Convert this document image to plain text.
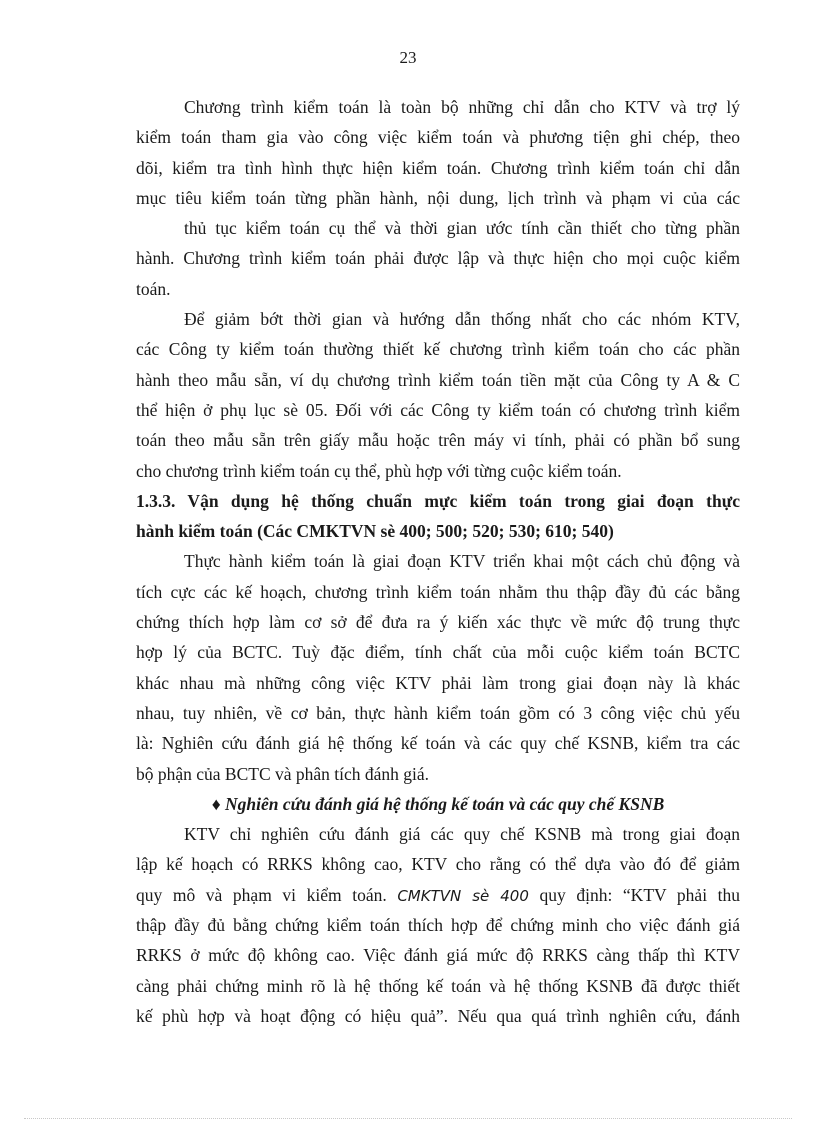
23
Chương trình kiểm toán là toàn bộ những chỉ dẫn cho KTV và trợ lý
kiểm toán tham gia vào công việc kiểm toán và phương tiện ghi chép, theo
dõi, kiểm tra tình hình thực hiện kiểm toán. Chương trình kiểm toán chỉ dẫn
mục tiêu kiểm toán từng phần hành, nội dung, lịch trình và phạm vi của các
thủ tục kiểm toán cụ thể và thời gian ước tính cần thiết cho từng phần
hành. Chương trình kiểm toán phải được lập và thực hiện cho mọi cuộc kiểm
toán.
Để giảm bớt thời gian và hướng dẫn thống nhất cho các nhóm KTV,
các Công ty kiểm toán thường thiết kế chương trình kiểm toán cho các phần
hành theo mẫu sẵn, ví dụ chương trình kiểm toán tiền mặt của Công ty A & C
thể hiện ở phụ lục sè 05. Đối với các Công ty kiểm toán có chương trình kiểm
toán theo mẫu sẵn trên giấy mẫu hoặc trên máy vi tính, phải có phần bổ sung
cho chương trình kiểm toán cụ thể, phù hợp với từng cuộc kiểm toán.
1.3.3. Vận dụng hệ thống chuẩn mực kiểm toán trong giai đoạn thực
hành kiểm toán (Các CMKTVN sè 400; 500; 520; 530; 610; 540)
Thực hành kiểm toán là giai đoạn KTV triển khai một cách chủ động và
tích cực các kế hoạch, chương trình kiểm toán nhằm thu thập đầy đủ các bằng
chứng thích hợp làm cơ sở để đưa ra ý kiến xác thực về mức độ trung thực
hợp lý của BCTC. Tuỳ đặc điểm, tính chất của mỗi cuộc kiểm toán BCTC
khác nhau mà những công việc KTV phải làm trong giai đoạn này là khác
nhau, tuy nhiên, về cơ bản, thực hành kiểm toán gồm có 3 công việc chủ yếu
là: Nghiên cứu đánh giá hệ thống kế toán và các quy chế KSNB, kiểm tra các
bộ phận của BCTC và phân tích đánh giá.
♦ Nghiên cứu đánh giá hệ thống kế toán và các quy chế KSNB
KTV chỉ nghiên cứu đánh giá các quy chế KSNB mà trong giai đoạn
lập kế hoạch có RRKS không cao, KTV cho rằng có thể dựa vào đó để giảm
quy mô và phạm vi kiểm toán. CMKTVN sè 400 quy định: “KTV phải thu
thập đầy đủ bằng chứng kiểm toán thích hợp để chứng minh cho việc đánh giá
RRKS ở mức độ không cao. Việc đánh giá mức độ RRKS càng thấp thì KTV
càng phải chứng minh rõ là hệ thống kế toán và hệ thống KSNB đã được thiết
kế phù hợp và hoạt động có hiệu quả”. Nếu qua quá trình nghiên cứu, đánh
